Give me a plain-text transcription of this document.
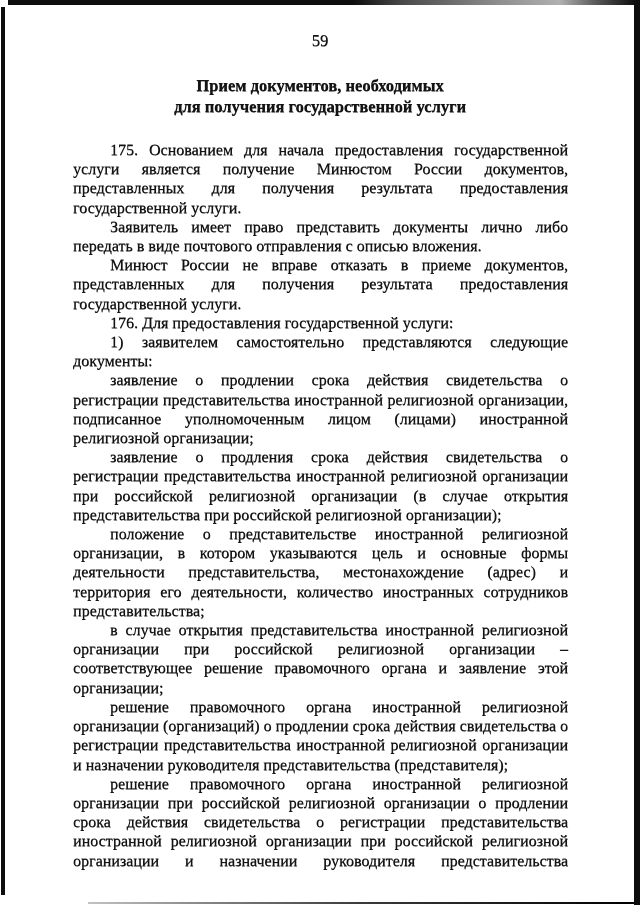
59
Прием документов, необходимых
для получения государственной услуги

175. Основанием для начала предоставления государственной услуги является получение Минюстом России документов, представленных для получения результата предоставления государственной услуги.

Заявитель имеет право представить документы лично либо передать в виде почтового отправления с описью вложения.

Минюст России не вправе отказать в приеме документов, представленных для получения результата предоставления государственной услуги.

176. Для предоставления государственной услуги:

1) заявителем самостоятельно представляются следующие документы:

заявление о продлении срока действия свидетельства о регистрации представительства иностранной религиозной организации, подписанное уполномоченным лицом (лицами) иностранной религиозной организации;

заявление о продления срока действия свидетельства о регистрации представительства иностранной религиозной организации при российской религиозной организации (в случае открытия представительства при российской религиозной организации);

положение о представительстве иностранной религиозной организации, в котором указываются цель и основные формы деятельности представительства, местонахождение (адрес) и территория его деятельности, количество иностранных сотрудников представительства;

в случае открытия представительства иностранной религиозной организации при российской религиозной организации – соответствующее решение правомочного органа и заявление этой организации;

решение правомочного органа иностранной религиозной организации (организаций) о продлении срока действия свидетельства о регистрации представительства иностранной религиозной организации и назначении руководителя представительства (представителя);

решение правомочного органа иностранной религиозной организации при российской религиозной организации о продлении срока действия свидетельства о регистрации представительства иностранной религиозной организации при российской религиозной организации и назначении руководителя представительства
